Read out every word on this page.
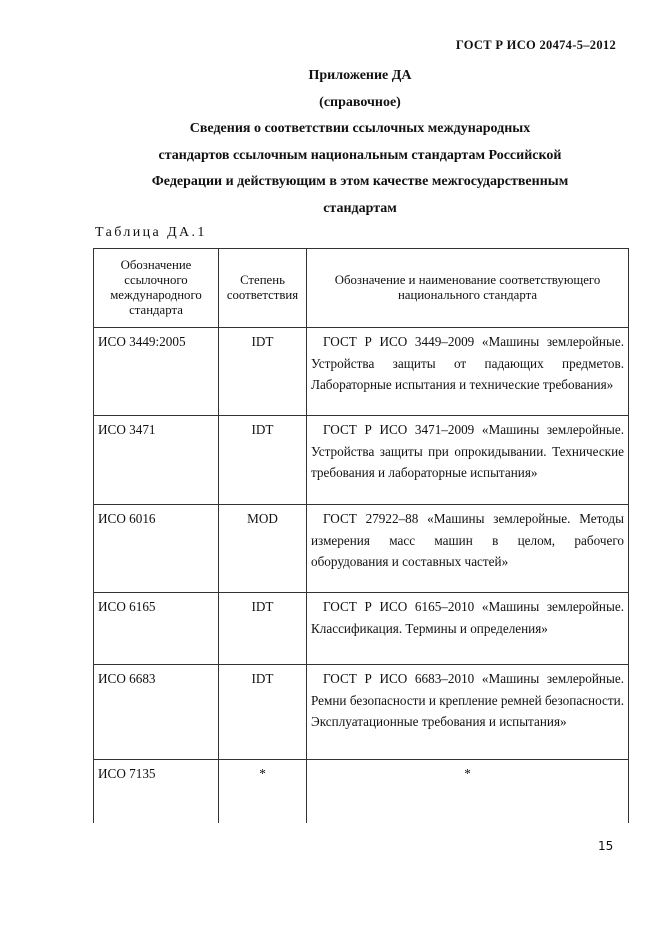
ГОСТ Р ИСО 20474-5–2012
Приложение ДА
(справочное)
Сведения о соответствии ссылочных международных
стандартов ссылочным национальным стандартам Российской
Федерации и действующим в этом качестве межгосударственным
стандартам
Таблица ДА.1
Обозначение ссылочного международного стандарта	Степень соответствия	Обозначение и наименование соответствующего национального стандарта
ИСО 3449:2005	IDT	ГОСТ Р ИСО 3449–2009 «Машины землеройные. Устройства защиты от падающих предметов. Лабораторные испытания и технические требования»

ИСО 3471	IDT	ГОСТ Р ИСО 3471–2009 «Машины землеройные. Устройства защиты при опрокидывании. Технические требования и лабораторные испытания»

ИСО 6016	MOD	ГОСТ 27922–88 «Машины землеройные. Методы измерения масс машин в целом, рабочего оборудования и составных частей»

ИСО 6165	IDT	ГОСТ Р ИСО 6165–2010 «Машины землеройные. Классификация. Термины и определения»

ИСО 6683	IDT	ГОСТ Р ИСО 6683–2010 «Машины землеройные. Ремни безопасности и крепление ремней безопасности. Эксплуатационные требования и испытания»

ИСО 7135	*	*
15
